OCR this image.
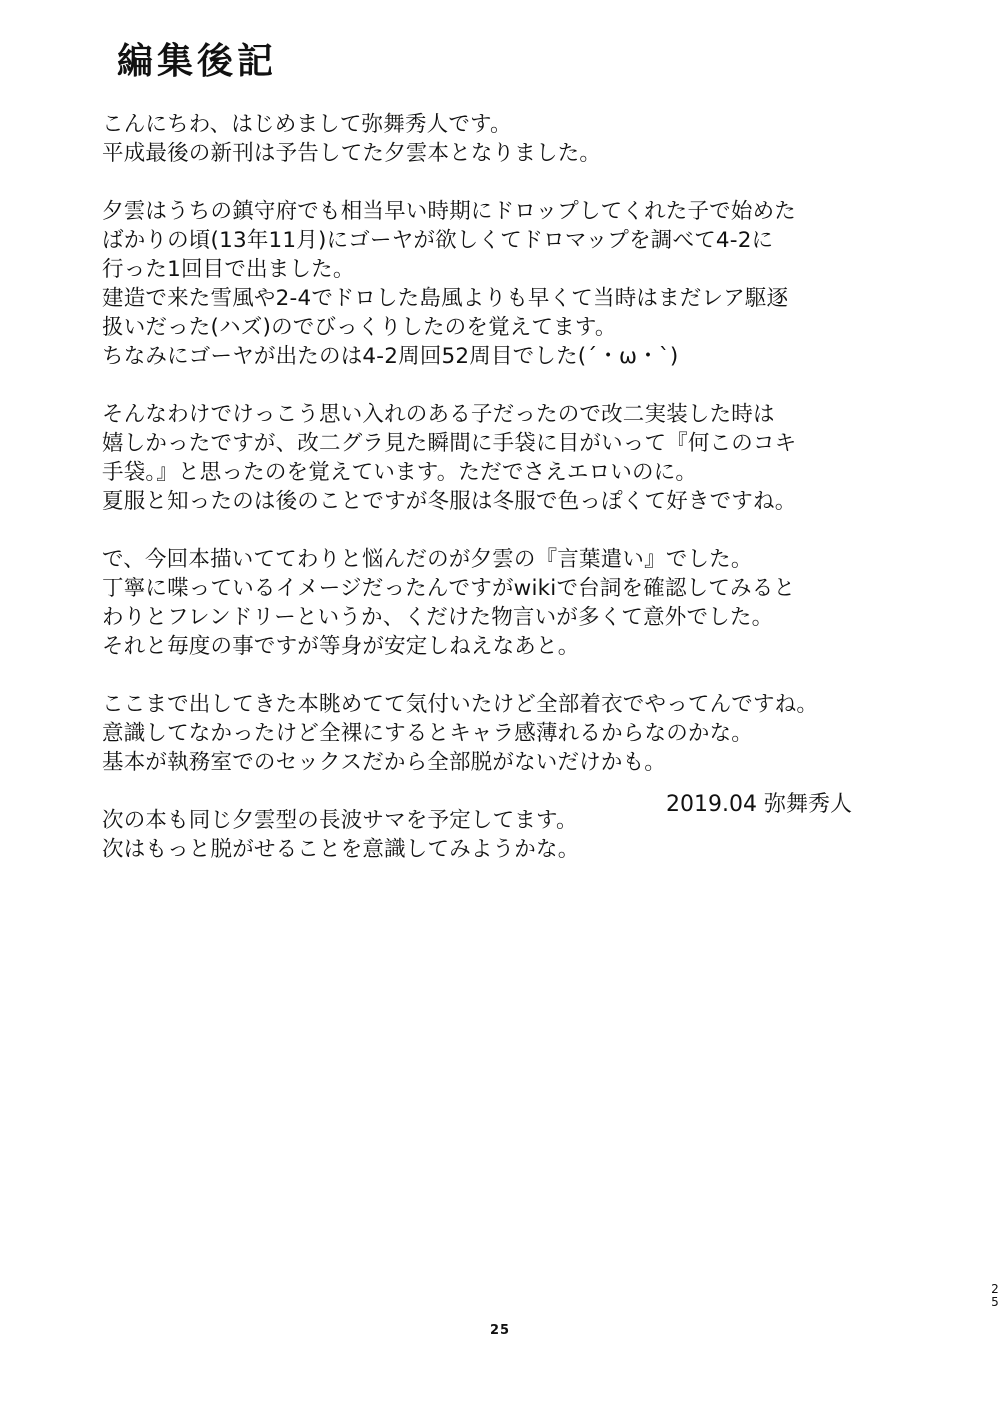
編集後記
こんにちわ、はじめまして弥舞秀人です。
平成最後の新刊は予告してた夕雲本となりました。
夕雲はうちの鎮守府でも相当早い時期にドロップしてくれた子で始めた
ばかりの頃(13年11月)にゴーヤが欲しくてドロマップを調べて4-2に
行った1回目で出ました。
建造で来た雪風や2-4でドロした島風よりも早くて当時はまだレア駆逐
扱いだった(ハズ)のでびっくりしたのを覚えてます。
ちなみにゴーヤが出たのは4-2周回52周目でした(´・ω・`)
そんなわけでけっこう思い入れのある子だったので改二実装した時は
嬉しかったですが、改二グラ見た瞬間に手袋に目がいって『何このコキ
手袋。』と思ったのを覚えています。ただでさえエロいのに。
夏服と知ったのは後のことですが冬服は冬服で色っぽくて好きですね。
で、今回本描いててわりと悩んだのが夕雲の『言葉遣い』でした。
丁寧に喋っているイメージだったんですがwikiで台詞を確認してみると
わりとフレンドリーというか、くだけた物言いが多くて意外でした。
それと毎度の事ですが等身が安定しねえなあと。
ここまで出してきた本眺めてて気付いたけど全部着衣でやってんですね。
意識してなかったけど全裸にするとキャラ感薄れるからなのかな。
基本が執務室でのセックスだから全部脱がないだけかも。
次の本も同じ夕雲型の長波サマを予定してます。
次はもっと脱がせることを意識してみようかな。
2019.04 弥舞秀人
25
25
